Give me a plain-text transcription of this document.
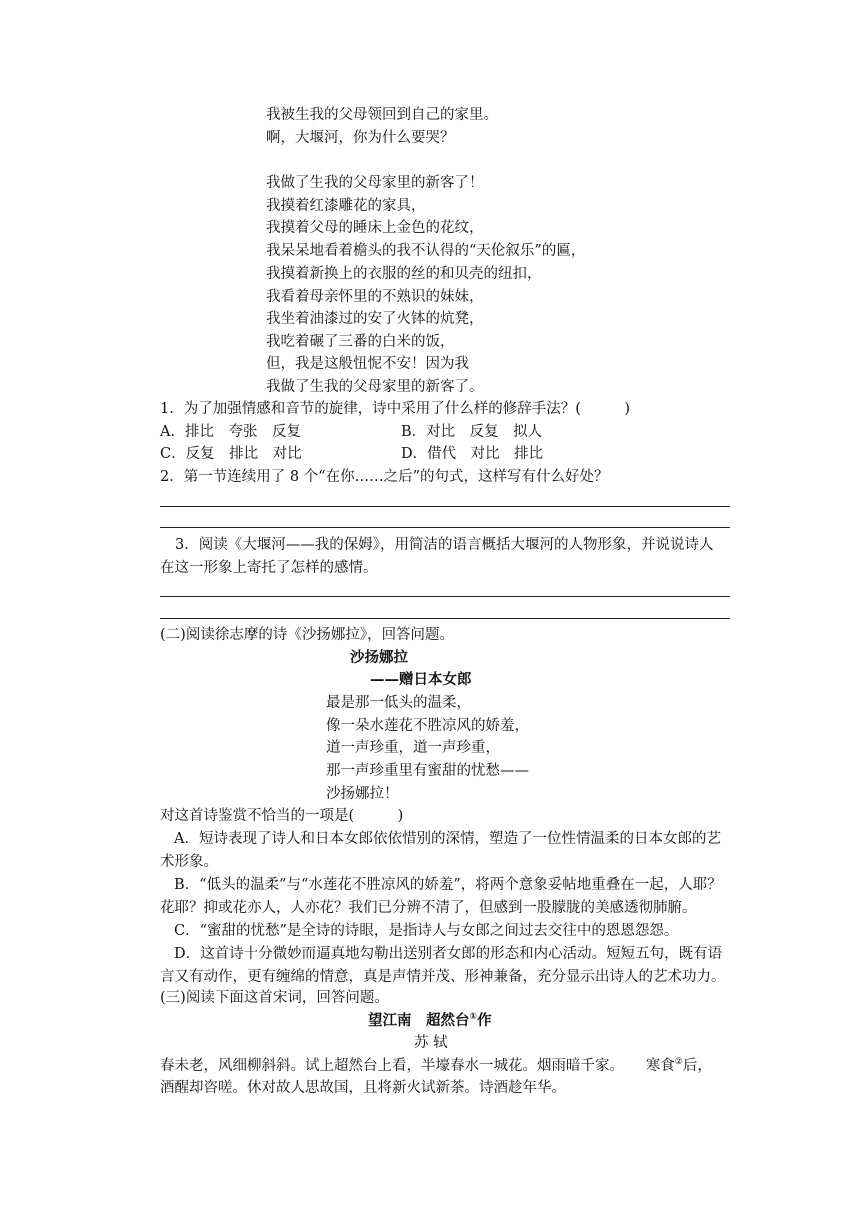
我被生我的父母领回到自己的家里。
啊，大堰河，你为什么要哭？
我做了生我的父母家里的新客了！
我摸着红漆雕花的家具，
我摸着父母的睡床上金色的花纹，
我呆呆地看着檐头的我不认得的“天伦叙乐”的匾，
我摸着新换上的衣服的丝的和贝壳的纽扣，
我看着母亲怀里的不熟识的妹妹，
我坐着油漆过的安了火钵的炕凳，
我吃着碾了三番的白米的饭，
但，我是这般忸怩不安！因为我
我做了生我的父母家里的新客了。
1．为了加强情感和音节的旋律，诗中采用了什么样的修辞手法？(　　　)
A．排比　夸张　反复	B．对比　反复　拟人
C．反复　排比　对比	D．借代　对比　排比
2．第一节连续用了 8 个“在你……之后”的句式，这样写有什么好处？
3．阅读《大堰河——我的保姆》，用简洁的语言概括大堰河的人物形象，并说说诗人
在这一形象上寄托了怎样的感情。
(二)阅读徐志摩的诗《沙扬娜拉》，回答问题。
沙扬娜拉
——赠日本女郎
最是那一低头的温柔，
像一朵水莲花不胜凉风的娇羞，
道一声珍重，道一声珍重，
那一声珍重里有蜜甜的忧愁——
沙扬娜拉！
对这首诗鉴赏不恰当的一项是(　　　)
A．短诗表现了诗人和日本女郎依依惜别的深情，塑造了一位性情温柔的日本女郎的艺术形象。
B．“低头的温柔”与“水莲花不胜凉风的娇羞”，将两个意象妥帖地重叠在一起，人耶？花耶？抑或花亦人，人亦花？我们已分辨不清了，但感到一股朦胧的美感透彻肺腑。
C．“蜜甜的忧愁”是全诗的诗眼，是指诗人与女郎之间过去交往中的恩恩怨怨。
D．这首诗十分微妙而逼真地勾勒出送别者女郎的形态和内心活动。短短五句，既有语言又有动作，更有缠绵的情意，真是声情并茂、形神兼备，充分显示出诗人的艺术功力。
(三)阅读下面这首宋词，回答问题。
望江南　超然台①作
苏 轼
春未老，风细柳斜斜。试上超然台上看，半壕春水一城花。烟雨暗千家。　　寒食②后，
酒醒却咨嗟。休对故人思故国，且将新火试新茶。诗酒趁年华。
